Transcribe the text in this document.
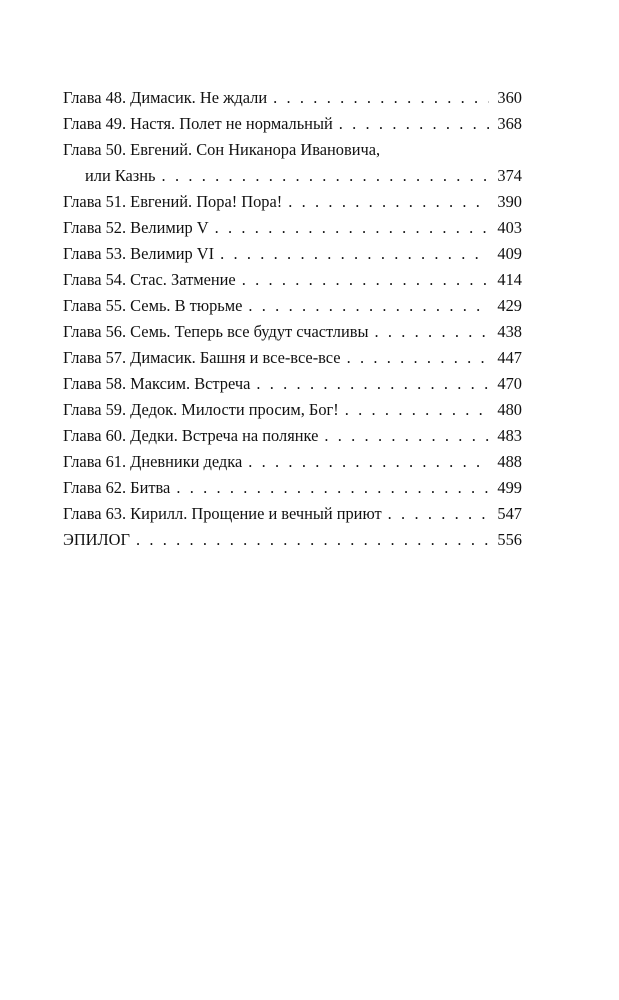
Глава 48. Димасик. Не ждали . . .	360
Глава 49. Настя. Полет не нормальный . . .	368
Глава 50. Евгений. Сон Никанора Ивановича,
или Казнь . . .	374
Глава 51. Евгений. Пора! Пора! . . .	390
Глава 52. Велимир V . . .	403
Глава 53. Велимир VI . . .	409
Глава 54. Стас. Затмение . . .	414
Глава 55. Семь. В тюрьме . . .	429
Глава 56. Семь. Теперь все будут счастливы . . .	438
Глава 57. Димасик. Башня и все-все-все . . .	447
Глава 58. Максим. Встреча . . .	470
Глава 59. Дедок. Милости просим, Бог! . . .	480
Глава 60. Дедки. Встреча на полянке . . .	483
Глава 61. Дневники дедка . . .	488
Глава 62. Битва . . .	499
Глава 63. Кирилл. Прощение и вечный приют . . .	547
ЭПИЛОГ . . .	556
